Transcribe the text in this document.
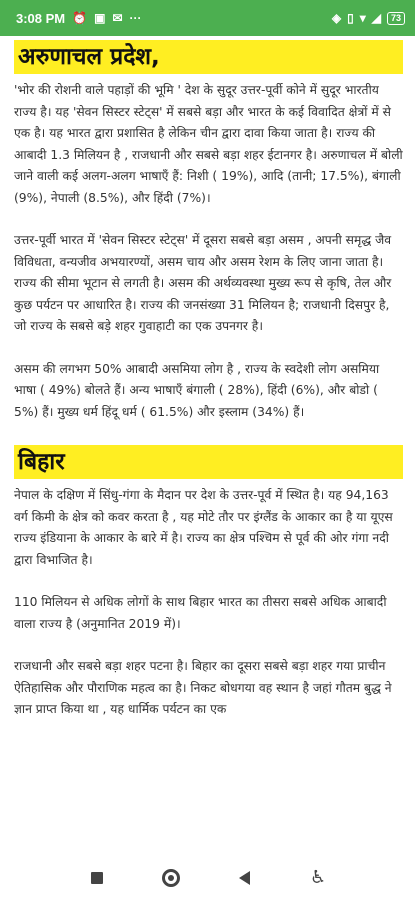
3:08 PM ⏰ ▣ ✉ ···	◈ ▯ ▾ ◢	73
अरुणाचल प्रदेश,

'भोर की रोशनी वाले पहाड़ों की भूमि ' देश के सुदूर उत्तर-पूर्वी कोने में सुदूर भारतीय राज्य है। यह 'सेवन सिस्टर स्टेट्स' में सबसे बड़ा और भारत के कई विवादित क्षेत्रों में से एक है। यह भारत द्वारा प्रशासित है लेकिन चीन द्वारा दावा किया जाता है। राज्य की आबादी 1.3 मिलियन है , राजधानी और सबसे बड़ा शहर ईटानगर है। अरुणाचल में बोली जाने वाली कई अलग-अलग भाषाएँ हैं: निशी ( 19%), आदि (तानी; 17.5%), बंगाली (9%), नेपाली (8.5%), और हिंदी (7%)।

उत्तर-पूर्वी भारत में 'सेवन सिस्टर स्टेट्स' में दूसरा सबसे बड़ा असम , अपनी समृद्ध जैव विविधता, वन्यजीव अभयारण्यों, असम चाय और असम रेशम के लिए जाना जाता है। राज्य की सीमा भूटान से लगती है। असम की अर्थव्यवस्था मुख्य रूप से कृषि, तेल और कुछ पर्यटन पर आधारित है। राज्य की जनसंख्या 31 मिलियन है; राजधानी दिसपुर है, जो राज्य के सबसे बड़े शहर गुवाहाटी का एक उपनगर है।

असम की लगभग 50% आबादी असमिया लोग है , राज्य के स्वदेशी लोग असमिया भाषा ( 49%) बोलते हैं। अन्य भाषाएँ बंगाली ( 28%), हिंदी (6%), और बोडो ( 5%) हैं। मुख्य धर्म हिंदू धर्म ( 61.5%) और इस्लाम (34%) हैं।

बिहार

नेपाल के दक्षिण में सिंधु-गंगा के मैदान पर देश के उत्तर-पूर्व में स्थित है। यह 94,163 वर्ग किमी के क्षेत्र को कवर करता है , यह मोटे तौर पर इंग्लैंड के आकार का है या यूएस राज्य इंडियाना के आकार के बारे में है। राज्य का क्षेत्र पश्चिम से पूर्व की ओर गंगा नदी द्वारा विभाजित है।

110 मिलियन से अधिक लोगों के साथ बिहार भारत का तीसरा सबसे अधिक आबादी वाला राज्य है (अनुमानित 2019 में)।

राजधानी और सबसे बड़ा शहर पटना है। बिहार का दूसरा सबसे बड़ा शहर गया प्राचीन ऐतिहासिक और पौराणिक महत्व का है। निकट बोधगया वह स्थान है जहां गौतम बुद्ध ने ज्ञान प्राप्त किया था , यह धार्मिक पर्यटन का एक

♿
